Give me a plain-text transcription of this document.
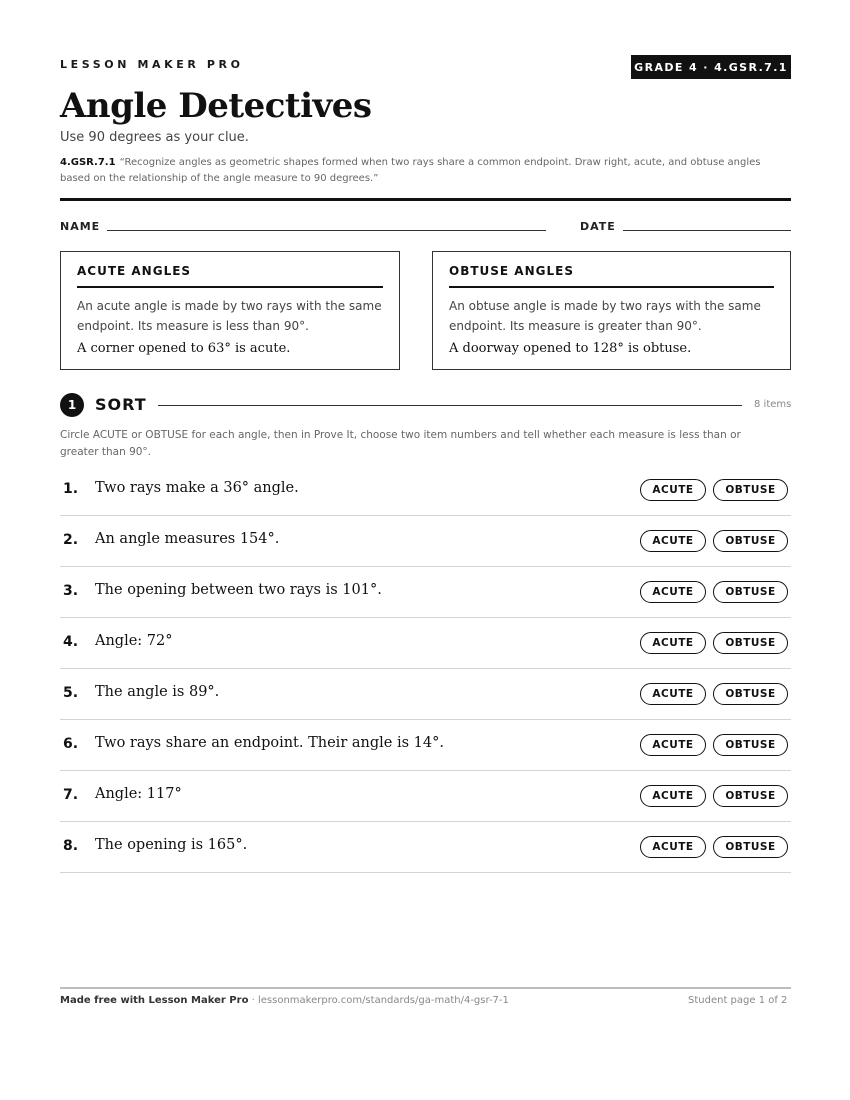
LESSON MAKER PRO	GRADE 4 · 4.GSR.7.1
Angle Detectives
Use 90 degrees as your clue.
4.GSR.7.1 “Recognize angles as geometric shapes formed when two rays share a common endpoint. Draw right, acute, and obtuse angles based on the relationship of the angle measure to 90 degrees.”
NAME	DATE
ACUTE ANGLES
An acute angle is made by two rays with the same endpoint. Its measure is less than 90°.
A corner opened to 63° is acute.
OBTUSE ANGLES
An obtuse angle is made by two rays with the same endpoint. Its measure is greater than 90°.
A doorway opened to 128° is obtuse.
1	SORT	8 items
Circle ACUTE or OBTUSE for each angle, then in Prove It, choose two item numbers and tell whether each measure is less than or greater than 90°.
1. Two rays make a 36° angle.	ACUTE	OBTUSE
2. An angle measures 154°.	ACUTE	OBTUSE
3. The opening between two rays is 101°.	ACUTE	OBTUSE
4. Angle: 72°	ACUTE	OBTUSE
5. The angle is 89°.	ACUTE	OBTUSE
6. Two rays share an endpoint. Their angle is 14°.	ACUTE	OBTUSE
7. Angle: 117°	ACUTE	OBTUSE
8. The opening is 165°.	ACUTE	OBTUSE
Made free with Lesson Maker Pro · lessonmakerpro.com/standards/ga-math/4-gsr-7-1	Student page 1 of 2
